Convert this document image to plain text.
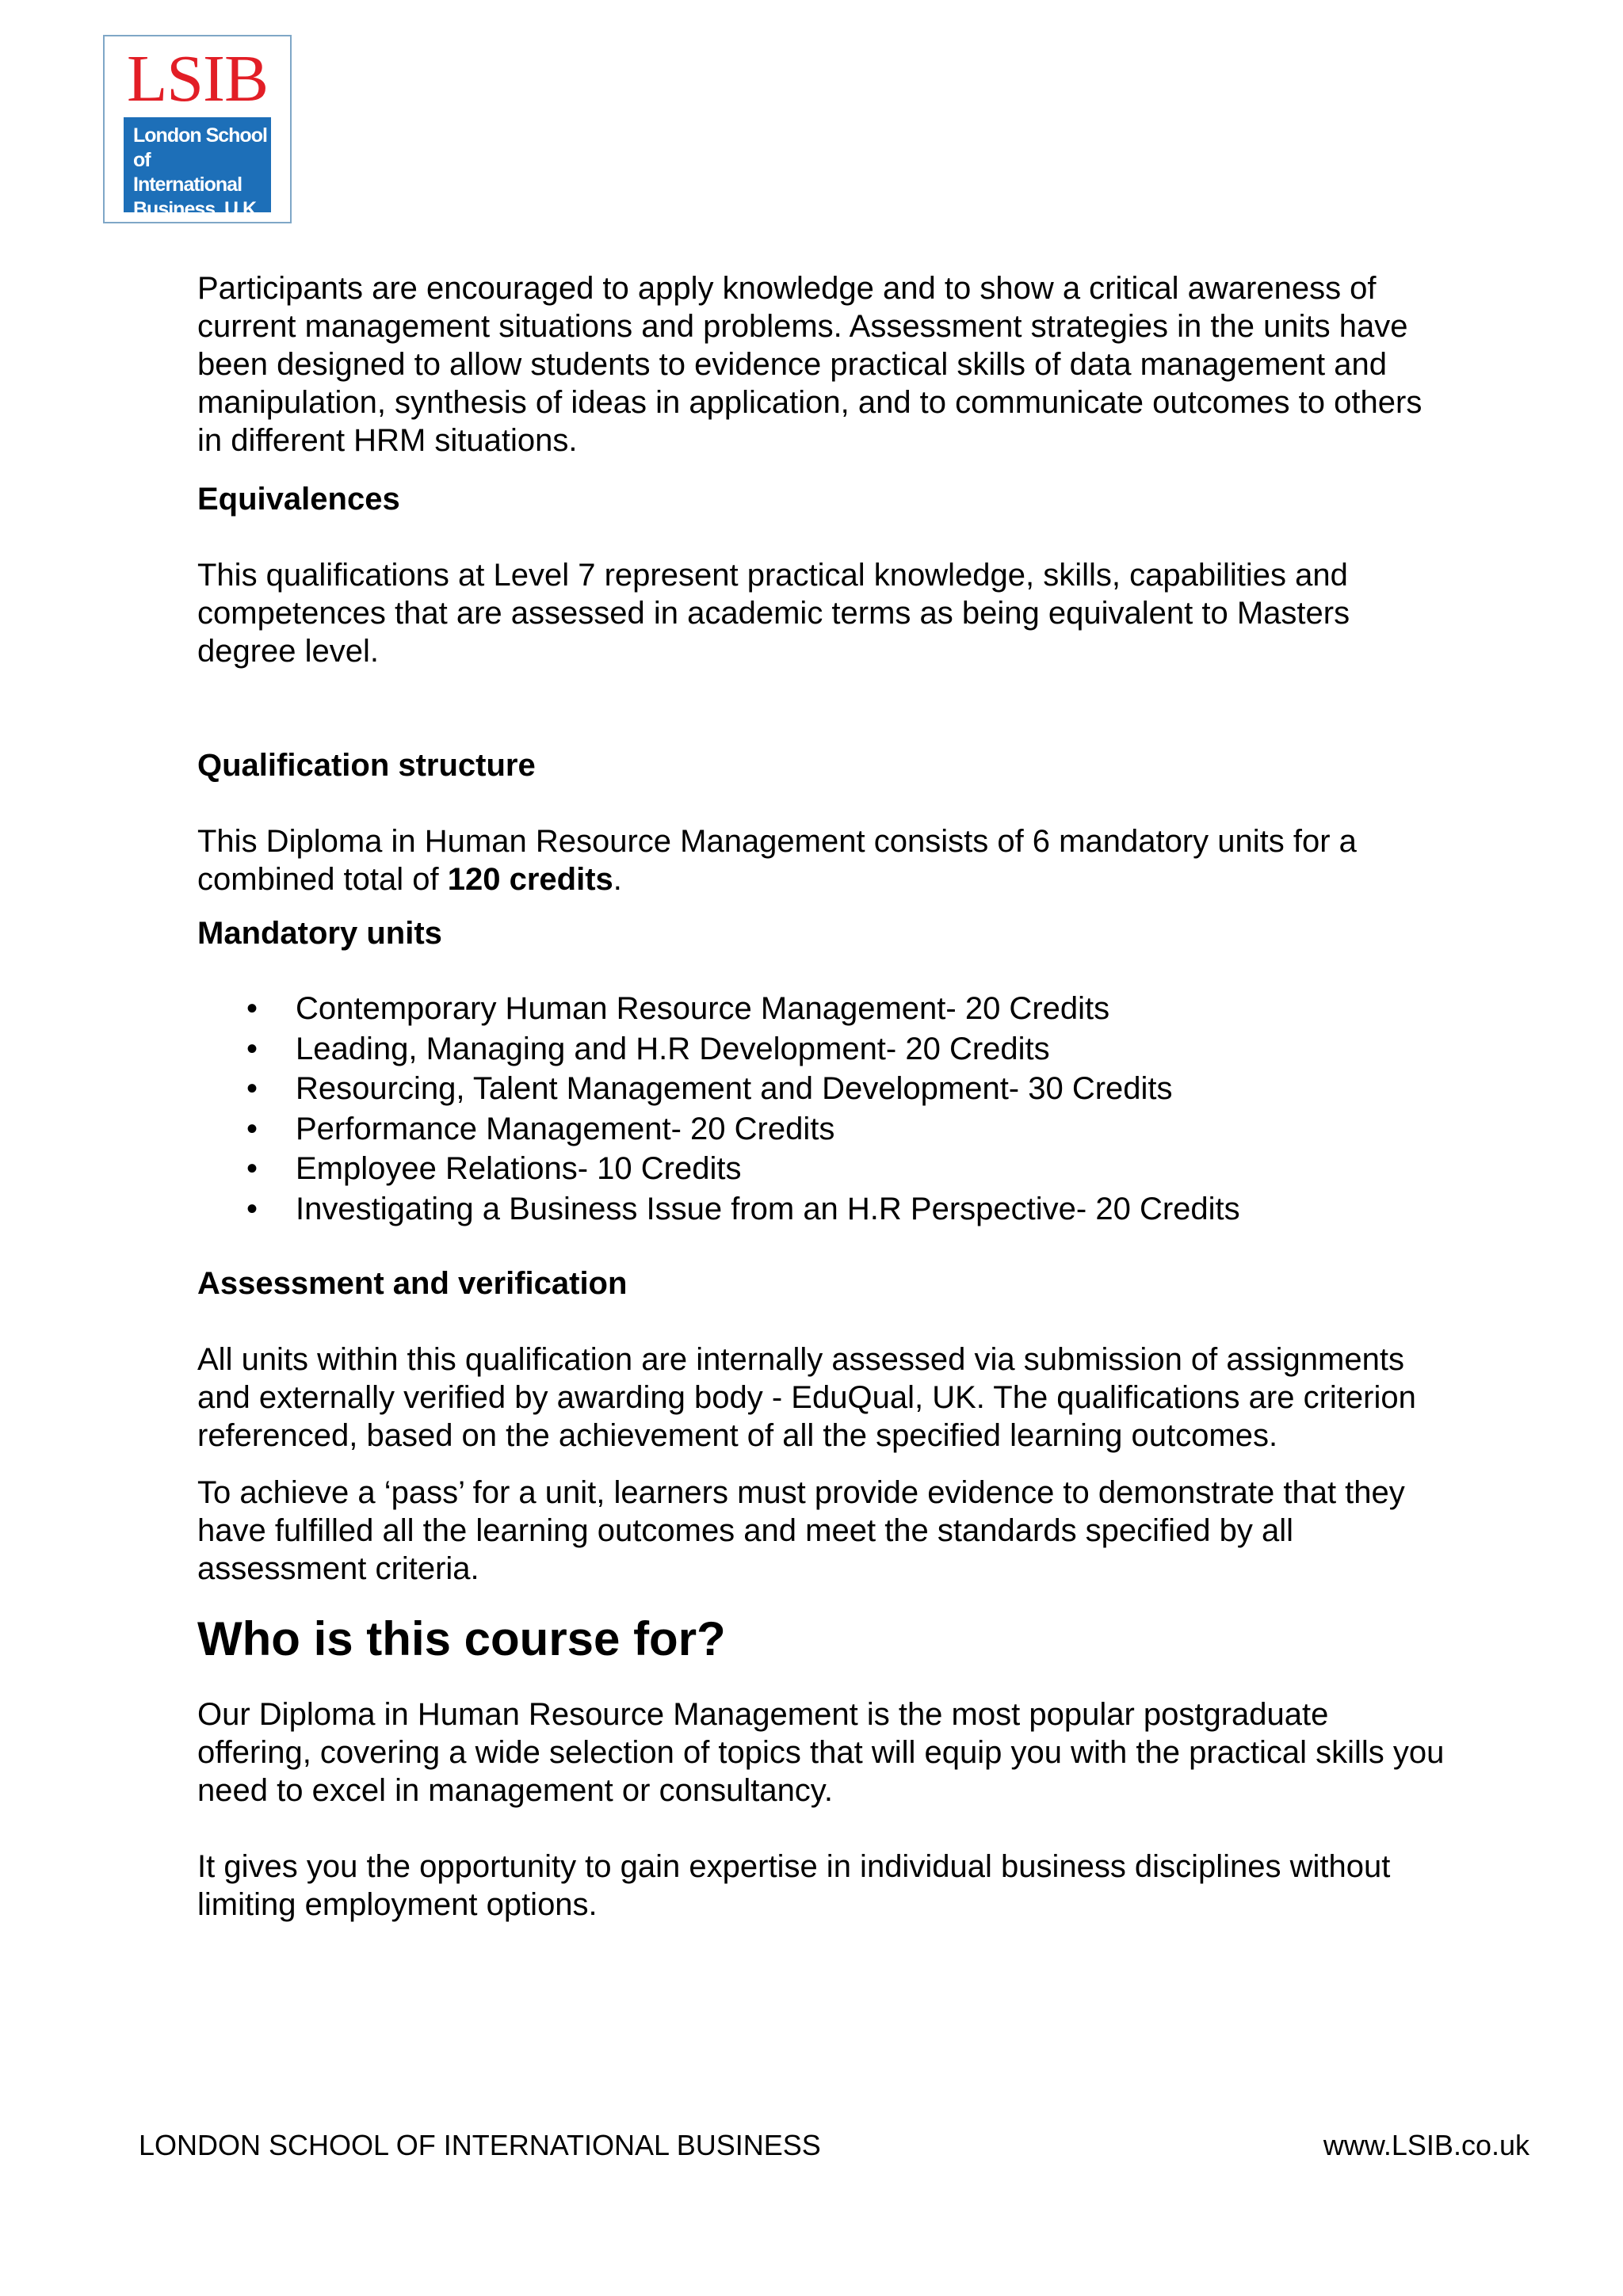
LSIB
London School of
International
Business, U.K.

Participants are encouraged to apply knowledge and to show a critical awareness of current management situations and problems. Assessment strategies in the units have been designed to allow students to evidence practical skills of data management and manipulation, synthesis of ideas in application, and to communicate outcomes to others in different HRM situations.

Equivalences

This qualifications at Level 7 represent practical knowledge, skills, capabilities and competences that are assessed in academic terms as being equivalent to Masters degree level.

Qualification structure

This Diploma in Human Resource Management consists of 6 mandatory units for a combined total of 120 credits.

Mandatory units

• Contemporary Human Resource Management- 20 Credits
• Leading, Managing and H.R Development- 20 Credits
• Resourcing, Talent Management and Development- 30 Credits
• Performance Management- 20 Credits
• Employee Relations- 10 Credits
• Investigating a Business Issue from an H.R Perspective- 20 Credits

Assessment and verification

All units within this qualification are internally assessed via submission of assignments and externally verified by awarding body - EduQual, UK. The qualifications are criterion referenced, based on the achievement of all the specified learning outcomes.

To achieve a ‘pass’ for a unit, learners must provide evidence to demonstrate that they have fulfilled all the learning outcomes and meet the standards specified by all assessment criteria.

Who is this course for?

Our Diploma in Human Resource Management is the most popular postgraduate offering, covering a wide selection of topics that will equip you with the practical skills you need to excel in management or consultancy.

It gives you the opportunity to gain expertise in individual business disciplines without limiting employment options.

LONDON SCHOOL OF INTERNATIONAL BUSINESS	www.LSIB.co.uk
